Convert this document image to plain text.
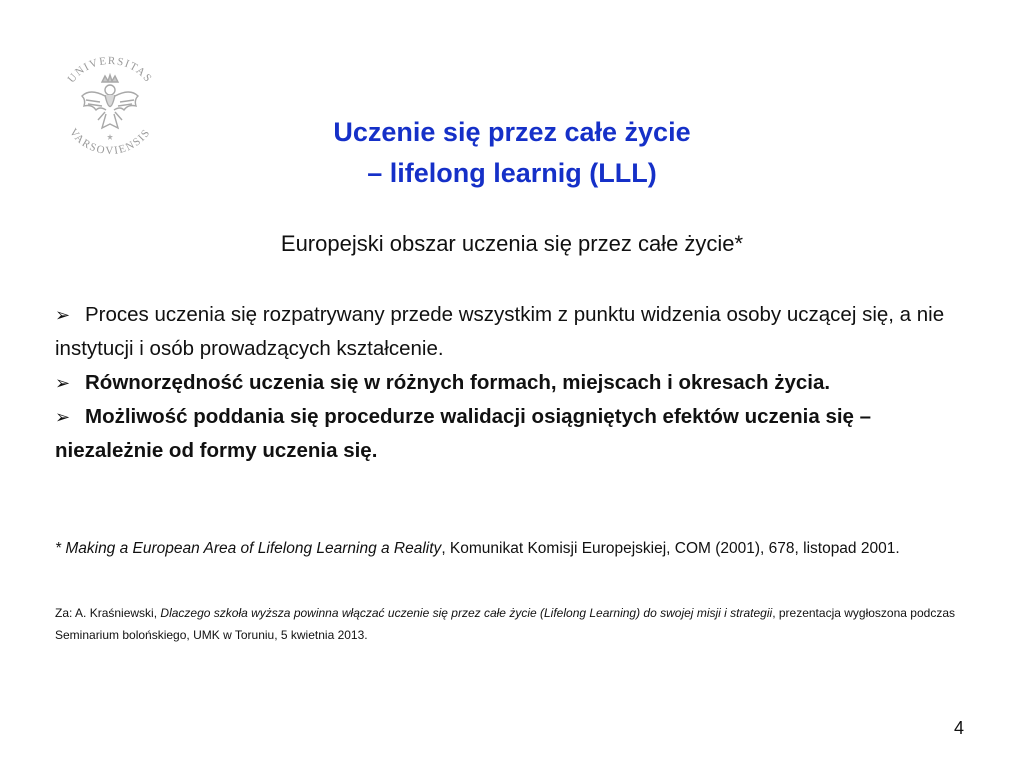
UNIVERSITAS
VARSOVIENSIS	Uczenie się przez całe życie
– lifelong learnig (LLL)
Europejski obszar uczenia się przez całe życie*
➢ Proces uczenia się rozpatrywany przede wszystkim z punktu widzenia osoby uczącej się, a nie instytucji i osób prowadzących kształcenie.
➢ Równorzędność uczenia się w różnych formach, miejscach i okresach życia.
➢ Możliwość poddania się procedurze walidacji osiągniętych efektów uczenia się – niezależnie od formy uczenia się.
* Making a European Area of Lifelong Learning a Reality, Komunikat Komisji Europejskiej, COM (2001), 678, listopad 2001.
Za: A. Kraśniewski, Dlaczego szkoła wyższa powinna włączać uczenie się przez całe życie (Lifelong Learning) do swojej misji i strategii, prezentacja wygłoszona podczas Seminarium bolońskiego, UMK w Toruniu, 5 kwietnia 2013.
4
